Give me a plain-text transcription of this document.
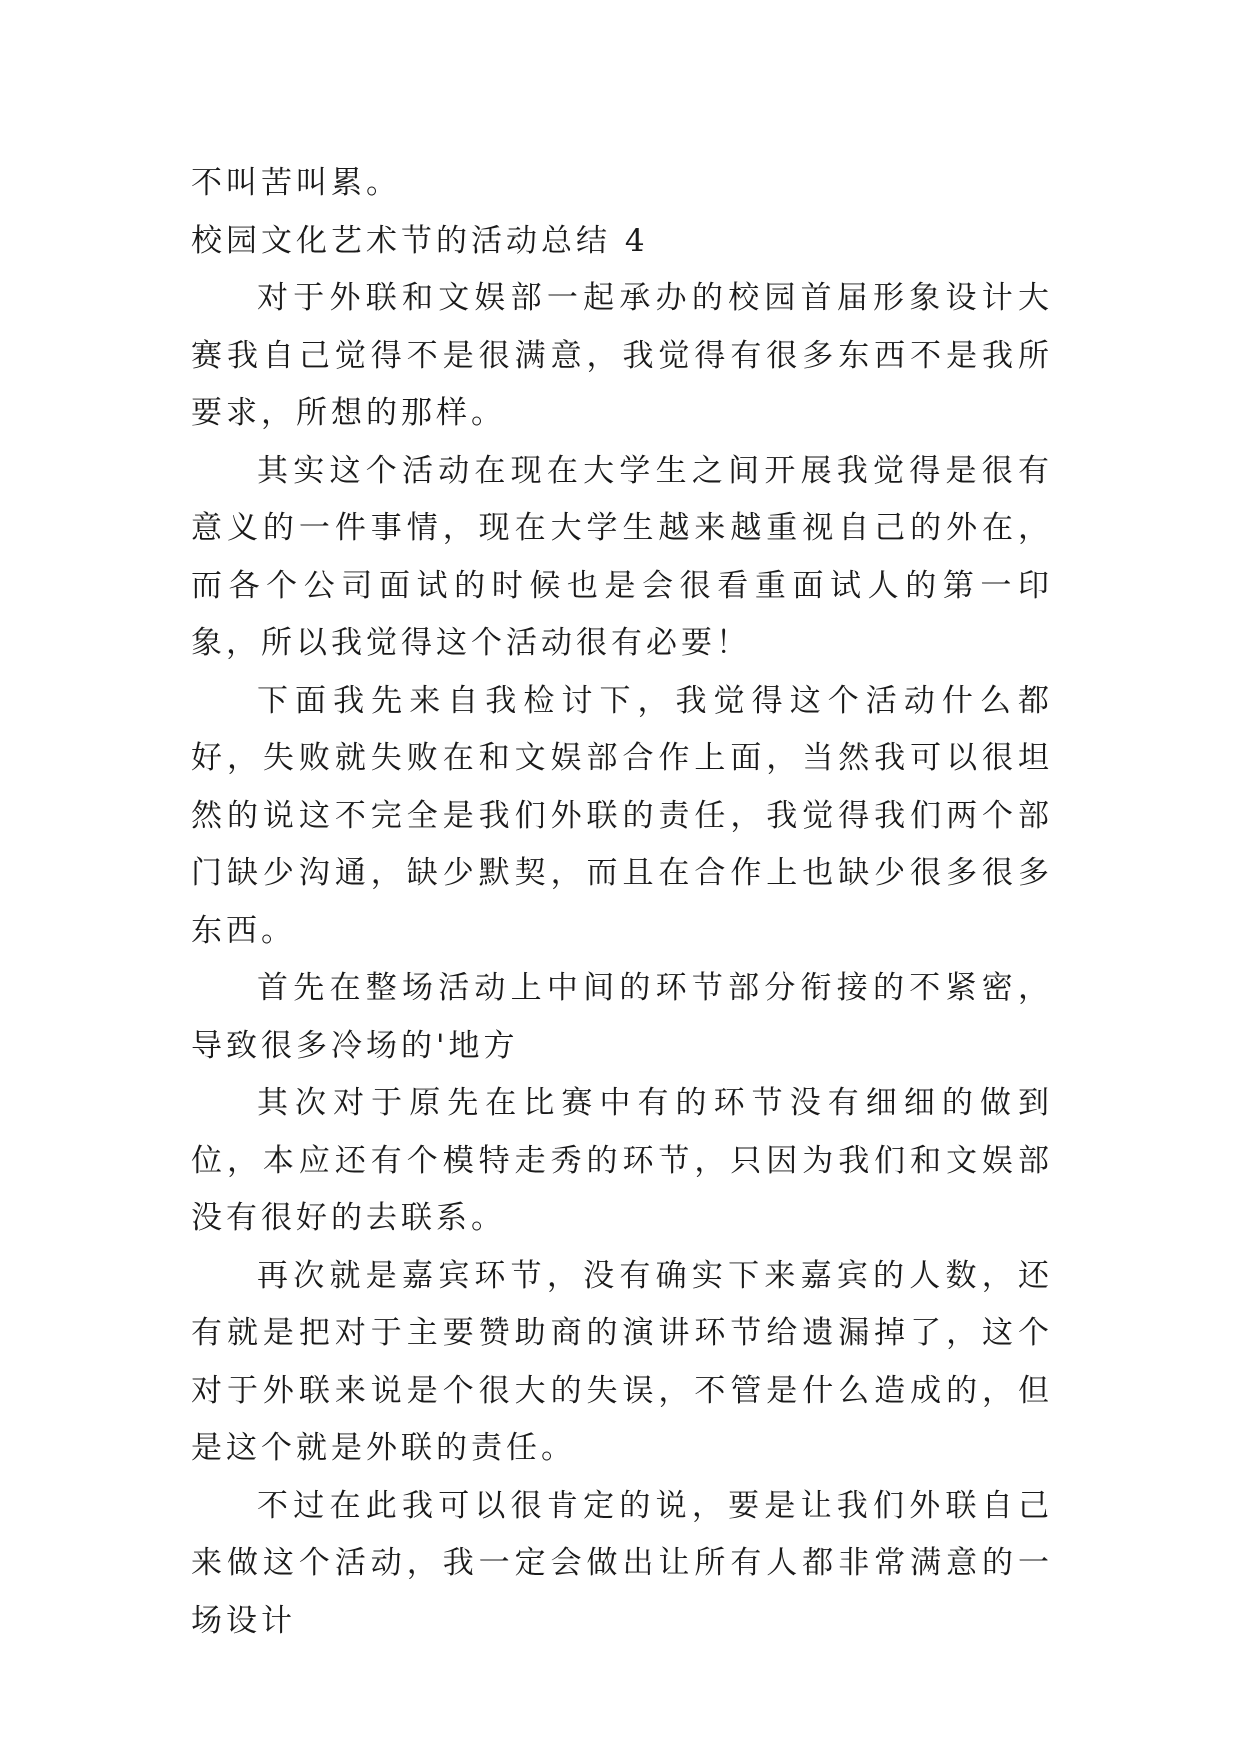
不叫苦叫累。

校园文化艺术节的活动总结 4

对于外联和文娱部一起承办的校园首届形象设计大赛我自己觉得不是很满意，我觉得有很多东西不是我所要求，所想的那样。

其实这个活动在现在大学生之间开展我觉得是很有意义的一件事情，现在大学生越来越重视自己的外在，而各个公司面试的时候也是会很看重面试人的第一印象，所以我觉得这个活动很有必要！

下面我先来自我检讨下，我觉得这个活动什么都好，失败就失败在和文娱部合作上面，当然我可以很坦然的说这不完全是我们外联的责任，我觉得我们两个部门缺少沟通，缺少默契，而且在合作上也缺少很多很多东西。

首先在整场活动上中间的环节部分衔接的不紧密，导致很多冷场的'地方

其次对于原先在比赛中有的环节没有细细的做到位，本应还有个模特走秀的环节，只因为我们和文娱部没有很好的去联系。

再次就是嘉宾环节，没有确实下来嘉宾的人数，还有就是把对于主要赞助商的演讲环节给遗漏掉了，这个对于外联来说是个很大的失误，不管是什么造成的，但是这个就是外联的责任。

不过在此我可以很肯定的说，要是让我们外联自己来做这个活动，我一定会做出让所有人都非常满意的一场设计
